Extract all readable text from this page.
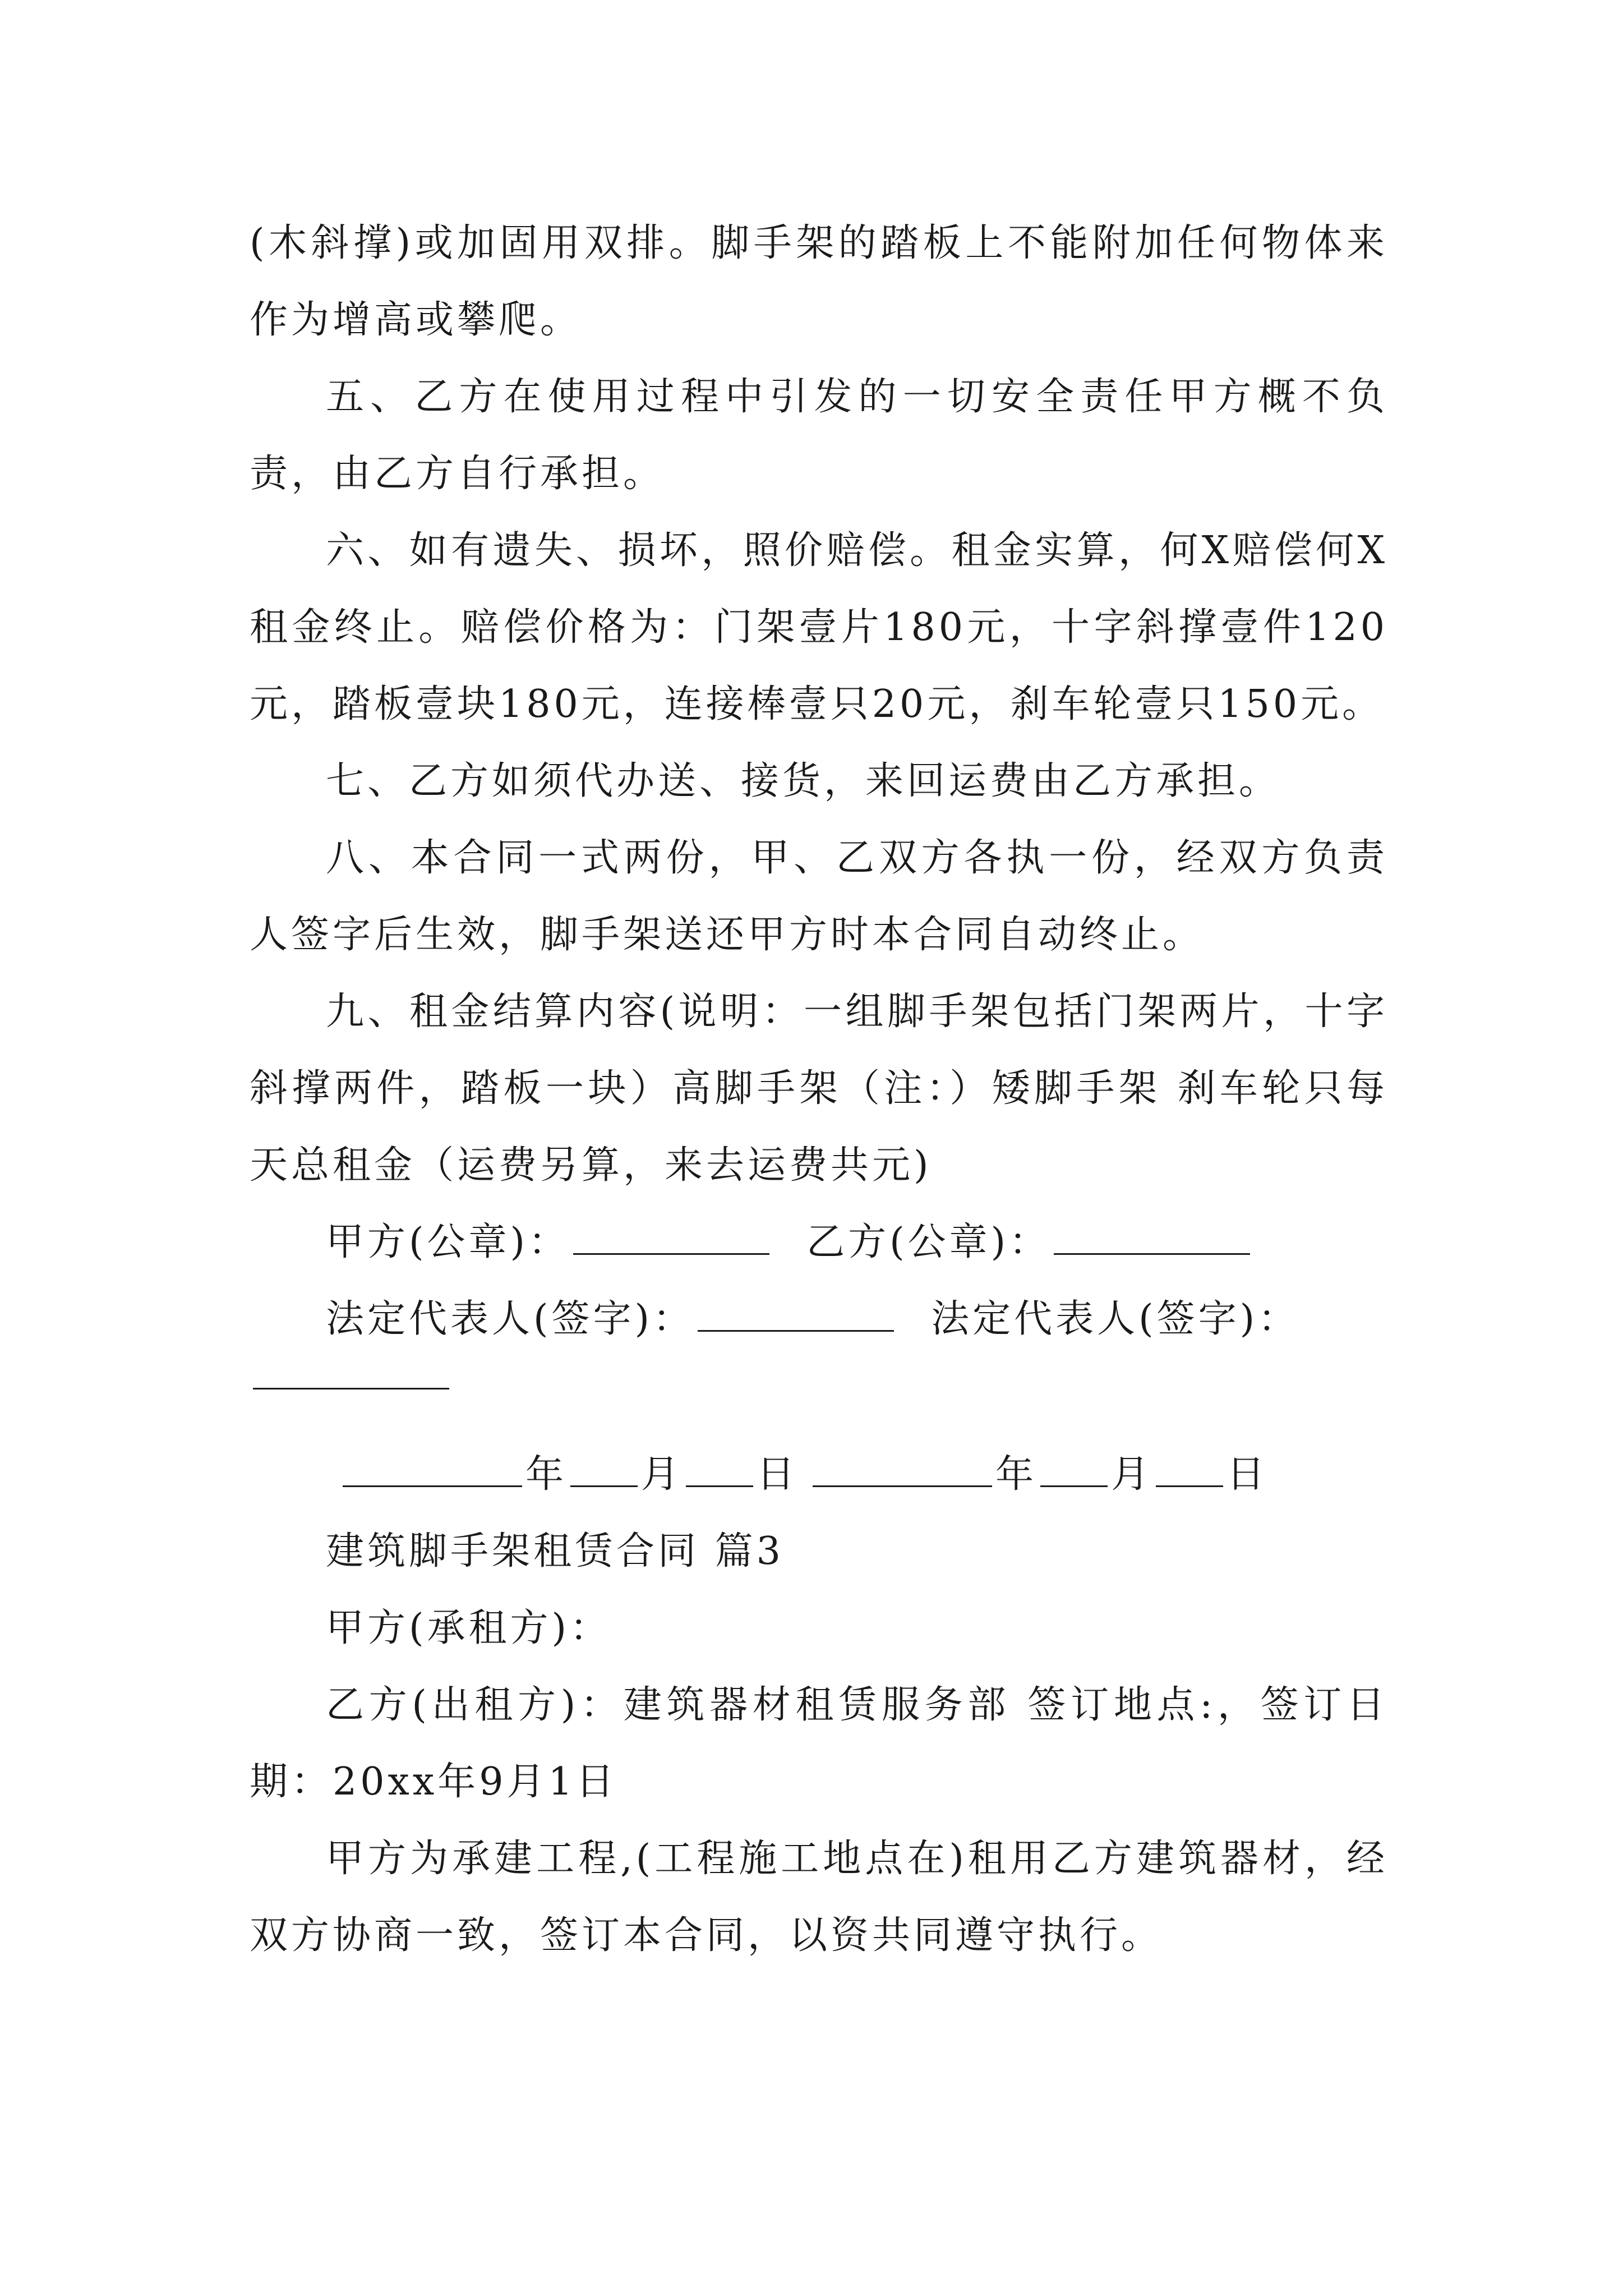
(木斜撑)或加固用双排。脚手架的踏板上不能附加任何物体来作为增高或攀爬。

五、乙方在使用过程中引发的一切安全责任甲方概不负责，由乙方自行承担。

六、如有遗失、损坏，照价赔偿。租金实算，何X赔偿何X租金终止。赔偿价格为：门架壹片180元，十字斜撑壹件120元，踏板壹块180元，连接棒壹只20元，刹车轮壹只150元。

七、乙方如须代办送、接货，来回运费由乙方承担。

八、本合同一式两份，甲、乙双方各执一份，经双方负责人签字后生效，脚手架送还甲方时本合同自动终止。

九、租金结算内容(说明：一组脚手架包括门架两片，十字斜撑两件，踏板一块）高脚手架（注：）矮脚手架 刹车轮只每天总租金（运费另算，来去运费共元)

甲方(公章)：	乙方(公章)：

法定代表人(签字)：	法定代表人(签字)：

年 月 日	年 月 日

建筑脚手架租赁合同 篇3

甲方(承租方)：

乙方(出租方)：建筑器材租赁服务部 签订地点:，签订日期：20xx年9月1日

甲方为承建工程,(工程施工地点在)租用乙方建筑器材，经双方协商一致，签订本合同，以资共同遵守执行。
